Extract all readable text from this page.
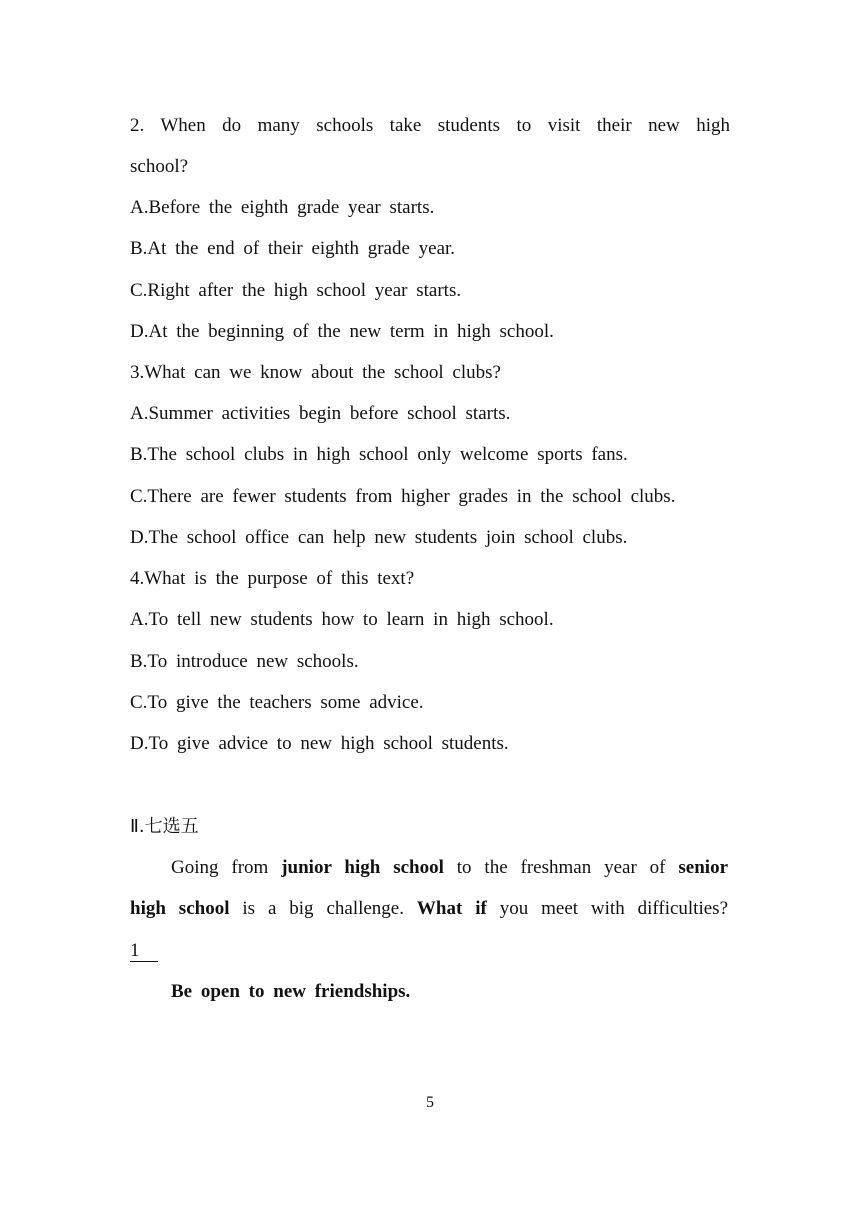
2. When do many schools take students to visit their new high
school?
A.Before the eighth grade year starts.
B.At the end of their eighth grade year.
C.Right after the high school year starts.
D.At the beginning of the new term in high school.
3.What can we know about the school clubs?
A.Summer activities begin before school starts.
B.The school clubs in high school only welcome sports fans.
C.There are fewer students from higher grades in the school clubs.
D.The school office can help new students join school clubs.
4.What is the purpose of this text?
A.To tell new students how to learn in high school.
B.To introduce new schools.
C.To give the teachers some advice.
D.To give advice to new high school students.
Ⅱ.七选五
Going from junior high school to the freshman year of senior
high school is a big challenge. What if you meet with difficulties?
1
Be open to new friendships.
5
